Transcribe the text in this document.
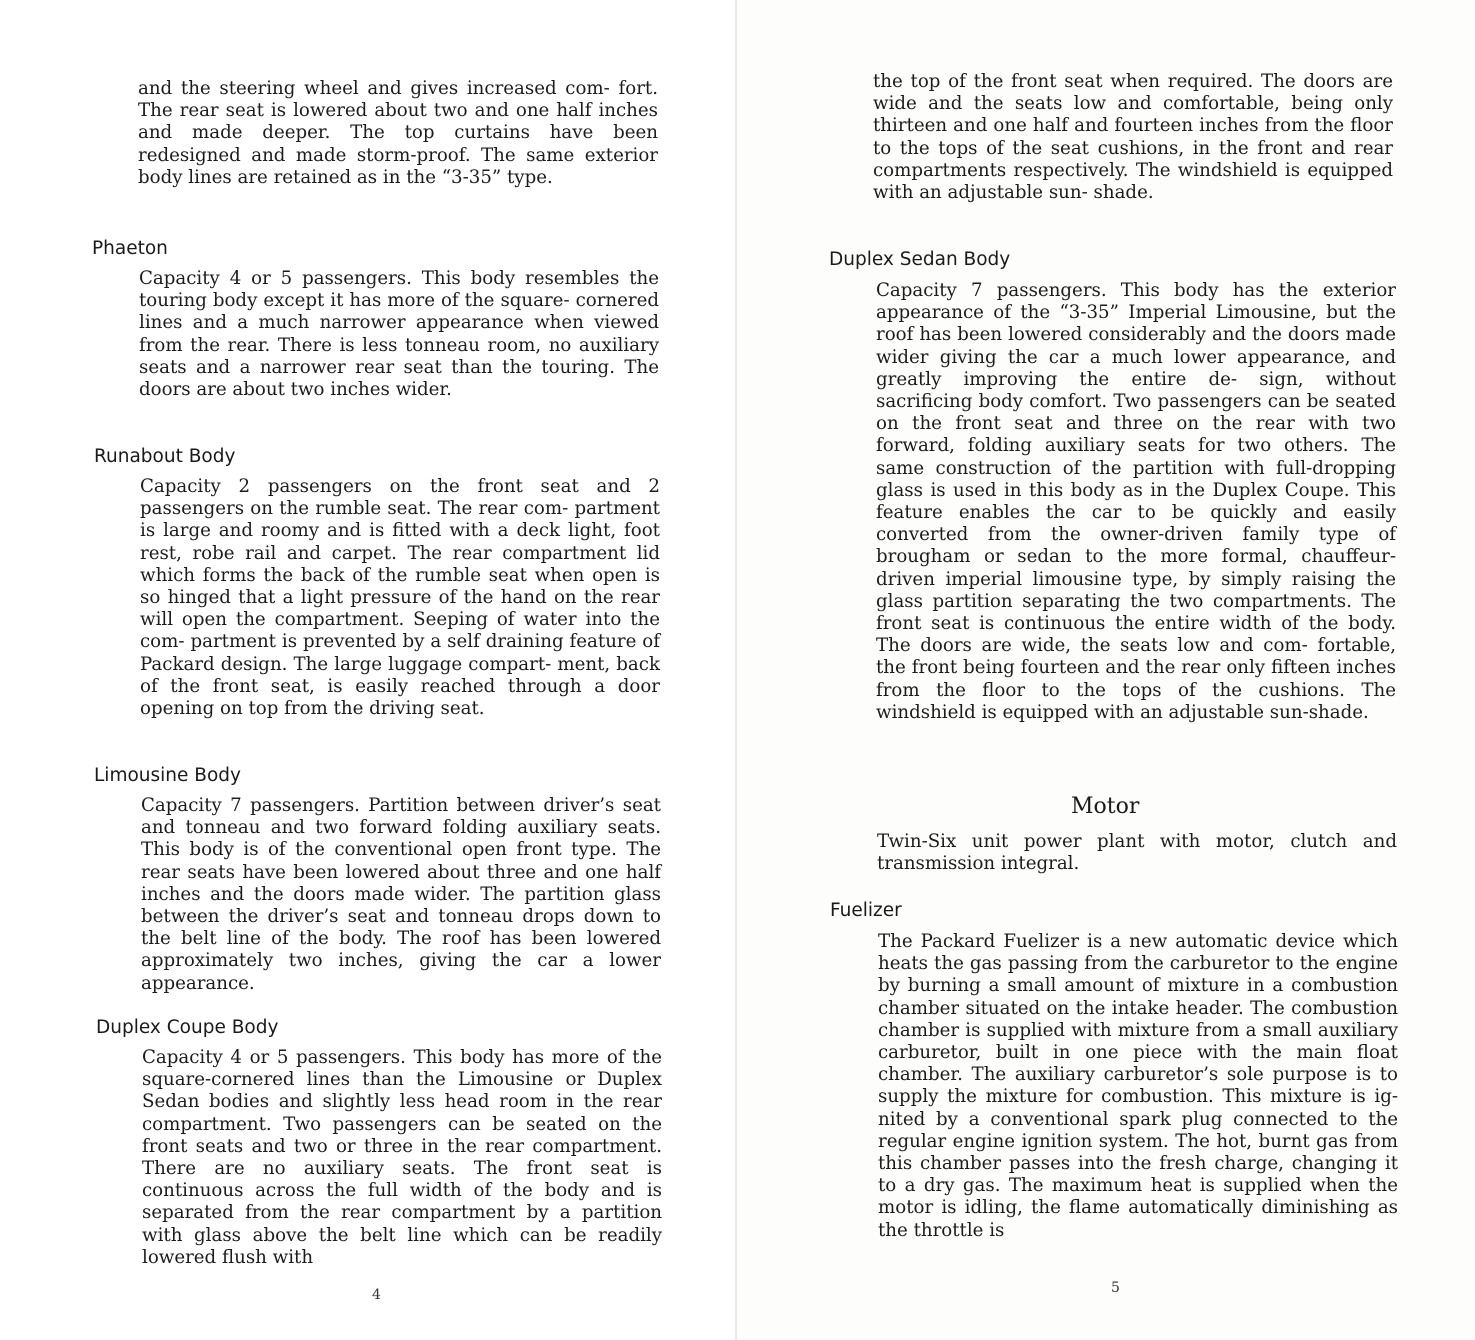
and the steering wheel and gives increased com- fort. The rear seat is lowered about two and one half inches and made deeper. The top curtains have been redesigned and made storm-proof. The same exterior body lines are retained as in the “3-35” type.

Phaeton

Capacity 4 or 5 passengers. This body resembles the touring body except it has more of the square- cornered lines and a much narrower appearance when viewed from the rear. There is less tonneau room, no auxiliary seats and a narrower rear seat than the touring. The doors are about two inches wider.

Runabout Body

Capacity 2 passengers on the front seat and 2 passengers on the rumble seat. The rear com- partment is large and roomy and is fitted with a deck light, foot rest, robe rail and carpet. The rear compartment lid which forms the back of the rumble seat when open is so hinged that a light pressure of the hand on the rear will open the compartment. Seeping of water into the com- partment is prevented by a self draining feature of Packard design. The large luggage compart- ment, back of the front seat, is easily reached through a door opening on top from the driving seat.

Limousine Body

Capacity 7 passengers. Partition between driver’s seat and tonneau and two forward folding auxiliary seats. This body is of the conventional open front type. The rear seats have been lowered about three and one half inches and the doors made wider. The partition glass between the driver’s seat and tonneau drops down to the belt line of the body. The roof has been lowered approximately two inches, giving the car a lower appearance.

Duplex Coupe Body

Capacity 4 or 5 passengers. This body has more of the square-cornered lines than the Limousine or Duplex Sedan bodies and slightly less head room in the rear compartment. Two passengers can be seated on the front seats and two or three in the rear compartment. There are no auxiliary seats. The front seat is continuous across the full width of the body and is separated from the rear compartment by a partition with glass above the belt line which can be readily lowered flush with

4

the top of the front seat when required. The doors are wide and the seats low and comfortable, being only thirteen and one half and fourteen inches from the floor to the tops of the seat cushions, in the front and rear compartments respectively. The windshield is equipped with an adjustable sun- shade.

Duplex Sedan Body

Capacity 7 passengers. This body has the exterior appearance of the “3-35” Imperial Limousine, but the roof has been lowered considerably and the doors made wider giving the car a much lower appearance, and greatly improving the entire de- sign, without sacrificing body comfort. Two passengers can be seated on the front seat and three on the rear with two forward, folding auxiliary seats for two others. The same construction of the partition with full-dropping glass is used in this body as in the Duplex Coupe. This feature enables the car to be quickly and easily converted from the owner-driven family type of brougham or sedan to the more formal, chauffeur-driven imperial limousine type, by simply raising the glass partition separating the two compartments. The front seat is continuous the entire width of the body. The doors are wide, the seats low and com- fortable, the front being fourteen and the rear only fifteen inches from the floor to the tops of the cushions. The windshield is equipped with an adjustable sun-shade.

Twin-Six unit power plant with motor, clutch and transmission integral.

Fuelizer

The Packard Fuelizer is a new automatic device which heats the gas passing from the carburetor to the engine by burning a small amount of mixture in a combustion chamber situated on the intake header. The combustion chamber is supplied with mixture from a small auxiliary carburetor, built in one piece with the main float chamber. The auxiliary carburetor’s sole purpose is to supply the mixture for combustion. This mixture is ig- nited by a conventional spark plug connected to the regular engine ignition system. The hot, burnt gas from this chamber passes into the fresh charge, changing it to a dry gas. The maximum heat is supplied when the motor is idling, the flame automatically diminishing as the throttle is

5
Motor
